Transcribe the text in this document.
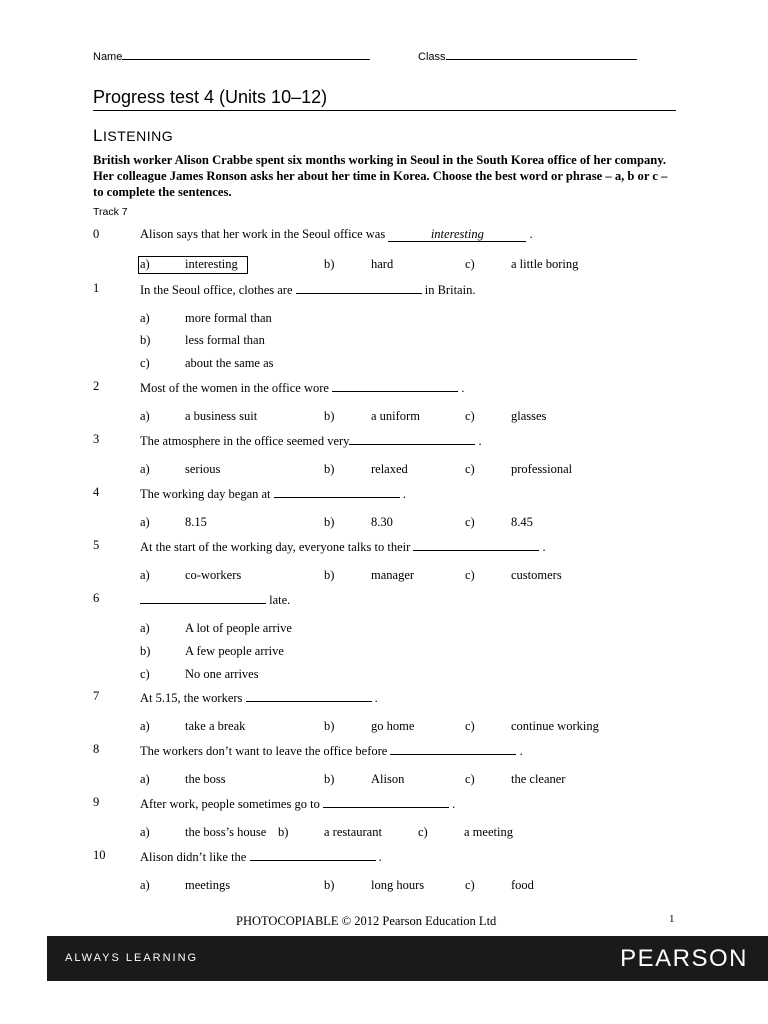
Name	Class
Progress test 4 (Units 10–12)
LISTENING
British worker Alison Crabbe spent six months working in Seoul in the South Korea office of her company. Her colleague James Ronson asks her about her time in Korea. Choose the best word or phrase – a, b or c – to complete the sentences.
Track 7
0	Alison says that her work in the Seoul office was	interesting	.
a)	interesting	b)	hard	c)	a little boring
1	In the Seoul office, clothes are	in Britain.
a)	more formal than
b)	less formal than
c)	about the same as
2	Most of the women in the office wore	.
a)	a business suit	b)	a uniform	c)	glasses
3	The atmosphere in the office seemed very	.
a)	serious	b)	relaxed	c)	professional
4	The working day began at	.
a)	8.15	b)	8.30	c)	8.45
5	At the start of the working day, everyone talks to their	.
a)	co-workers	b)	manager	c)	customers
6	late.
a)	A lot of people arrive
b)	A few people arrive
c)	No one arrives
7	At 5.15, the workers	.
a)	take a break	b)	go home	c)	continue working
8	The workers don’t want to leave the office before	.
a)	the boss	b)	Alison	c)	the cleaner
9	After work, people sometimes go to	.
a)	the boss’s house b)	a restaurant	c)	a meeting
10	Alison didn’t like the	.
a)	meetings	b)	long hours	c)	food
PHOTOCOPIABLE © 2012 Pearson Education Ltd	1
ALWAYS LEARNING	PEARSON
